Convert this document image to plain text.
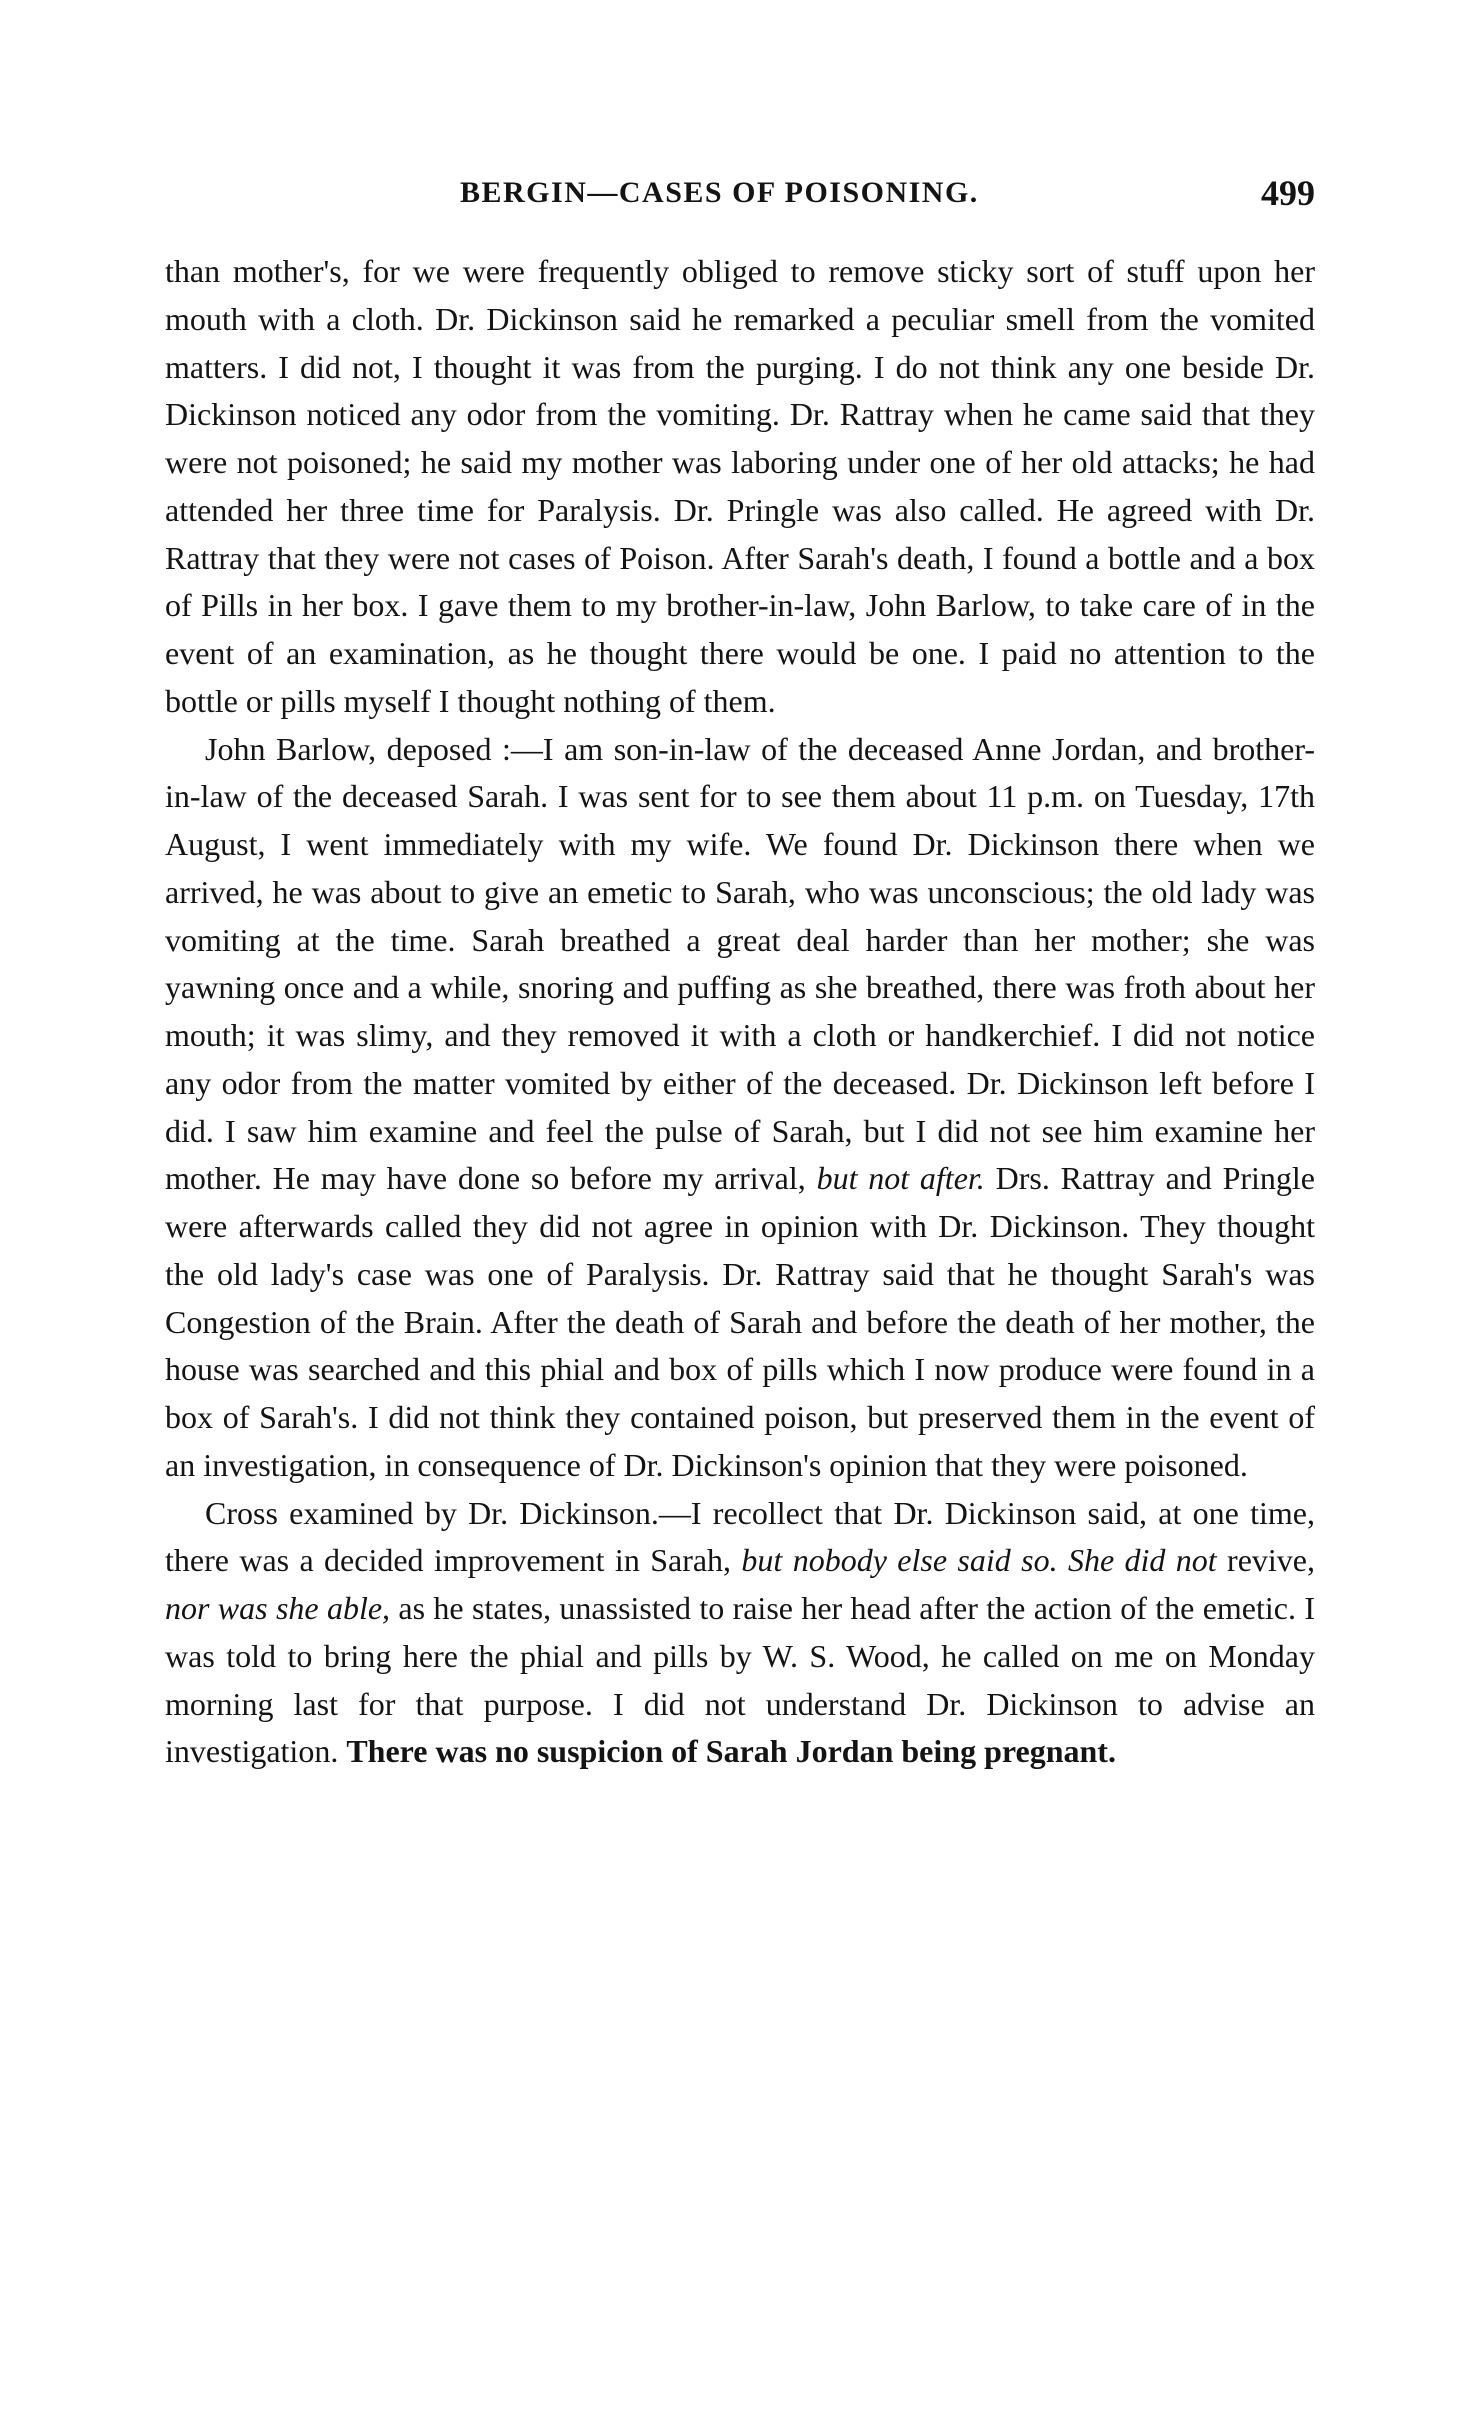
BERGIN—CASES OF POISONING.	499

than mother's, for we were frequently obliged to remove sticky sort of stuff upon her mouth with a cloth. Dr. Dickinson said he remarked a peculiar smell from the vomited matters. I did not, I thought it was from the purging. I do not think any one beside Dr. Dickinson noticed any odor from the vomiting. Dr. Rattray when he came said that they were not poisoned; he said my mother was laboring under one of her old attacks; he had attended her three time for Paralysis. Dr. Pringle was also called. He agreed with Dr. Rattray that they were not cases of Poison. After Sarah's death, I found a bottle and a box of Pills in her box. I gave them to my brother-in-law, John Barlow, to take care of in the event of an examination, as he thought there would be one. I paid no attention to the bottle or pills myself I thought nothing of them.

John Barlow, deposed :—I am son-in-law of the deceased Anne Jordan, and brother-in-law of the deceased Sarah. I was sent for to see them about 11 p.m. on Tuesday, 17th August, I went immediately with my wife. We found Dr. Dickinson there when we arrived, he was about to give an emetic to Sarah, who was unconscious; the old lady was vomiting at the time. Sarah breathed a great deal harder than her mother; she was yawning once and a while, snoring and puffing as she breathed, there was froth about her mouth; it was slimy, and they removed it with a cloth or handkerchief. I did not notice any odor from the matter vomited by either of the deceased. Dr. Dickinson left before I did. I saw him examine and feel the pulse of Sarah, but I did not see him examine her mother. He may have done so before my arrival, but not after. Drs. Rattray and Pringle were afterwards called they did not agree in opinion with Dr. Dickinson. They thought the old lady's case was one of Paralysis. Dr. Rattray said that he thought Sarah's was Congestion of the Brain. After the death of Sarah and before the death of her mother, the house was searched and this phial and box of pills which I now produce were found in a box of Sarah's. I did not think they contained poison, but preserved them in the event of an investigation, in consequence of Dr. Dickinson's opinion that they were poisoned.

Cross examined by Dr. Dickinson.—I recollect that Dr. Dickinson said, at one time, there was a decided improvement in Sarah, but nobody else said so. She did not revive, nor was she able, as he states, unassisted to raise her head after the action of the emetic. I was told to bring here the phial and pills by W. S. Wood, he called on me on Monday morning last for that purpose. I did not understand Dr. Dickinson to advise an investigation. There was no suspicion of Sarah Jordan being pregnant.
